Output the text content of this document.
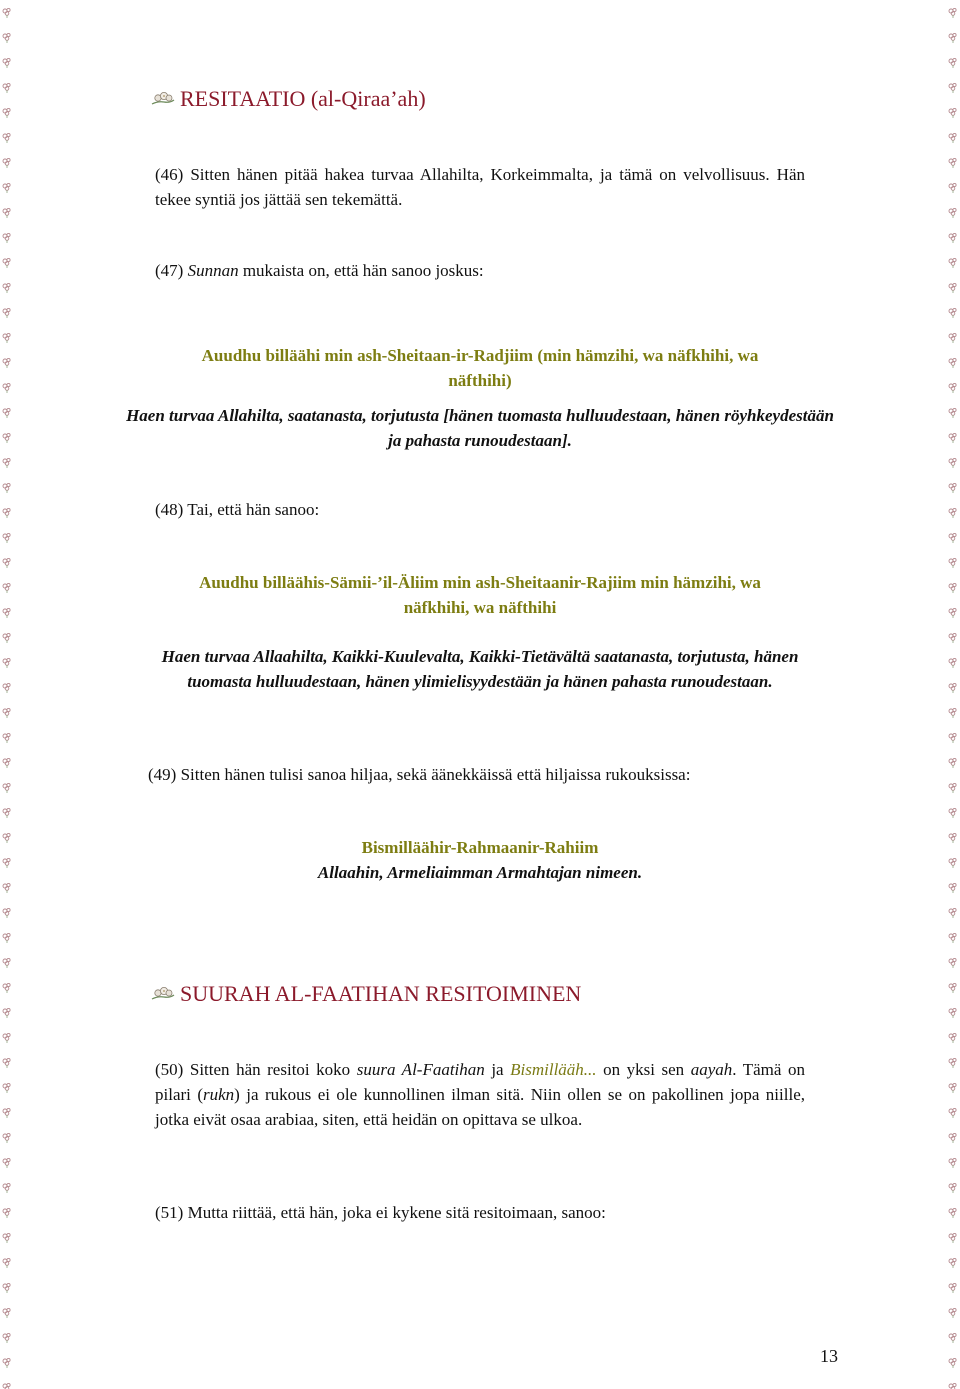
RESITAATIO (al-Qiraa’ah)
(46) Sitten hänen pitää hakea turvaa Allahilta, Korkeimmalta, ja tämä on velvollisuus. Hän tekee syntiä jos jättää sen tekemättä.
(47) Sunnan mukaista on, että hän sanoo joskus:
Auudhu billäähi min ash-Sheitaan-ir-Radjiim (min hämzihi, wa näfkhihi, wa näfthihi)
Haen turvaa Allahilta, saatanasta, torjutusta [hänen tuomasta hulluudestaan, hänen röyhkeydestään ja pahasta runoudestaan].
(48) Tai, että hän sanoo:
Auudhu billäähis-Sämii-’il-Äliim min ash-Sheitaanir-Rajiim min hämzihi, wa näfkhihi, wa näfthihi
Haen turvaa Allaahilta, Kaikki-Kuulevalta, Kaikki-Tietävältä saatanasta, torjutusta, hänen tuomasta hulluudestaan, hänen ylimielisyydestään ja hänen pahasta runoudestaan.
(49) Sitten hänen tulisi sanoa hiljaa, sekä äänekkäissä että hiljaissa rukouksissa:
Bismilläähir-Rahmaanir-Rahiim
Allaahin, Armeliaimman Armahtajan nimeen.
SUURAH AL-FAATIHAN RESITOIMINEN
(50) Sitten hän resitoi koko suura Al-Faatihan ja Bismillääh... on yksi sen aayah. Tämä on pilari (rukn) ja rukous ei ole kunnollinen ilman sitä. Niin ollen se on pakollinen jopa niille, jotka eivät osaa arabiaa, siten, että heidän on opittava se ulkoa.
(51) Mutta riittää, että hän, joka ei kykene sitä resitoimaan, sanoo:
13
